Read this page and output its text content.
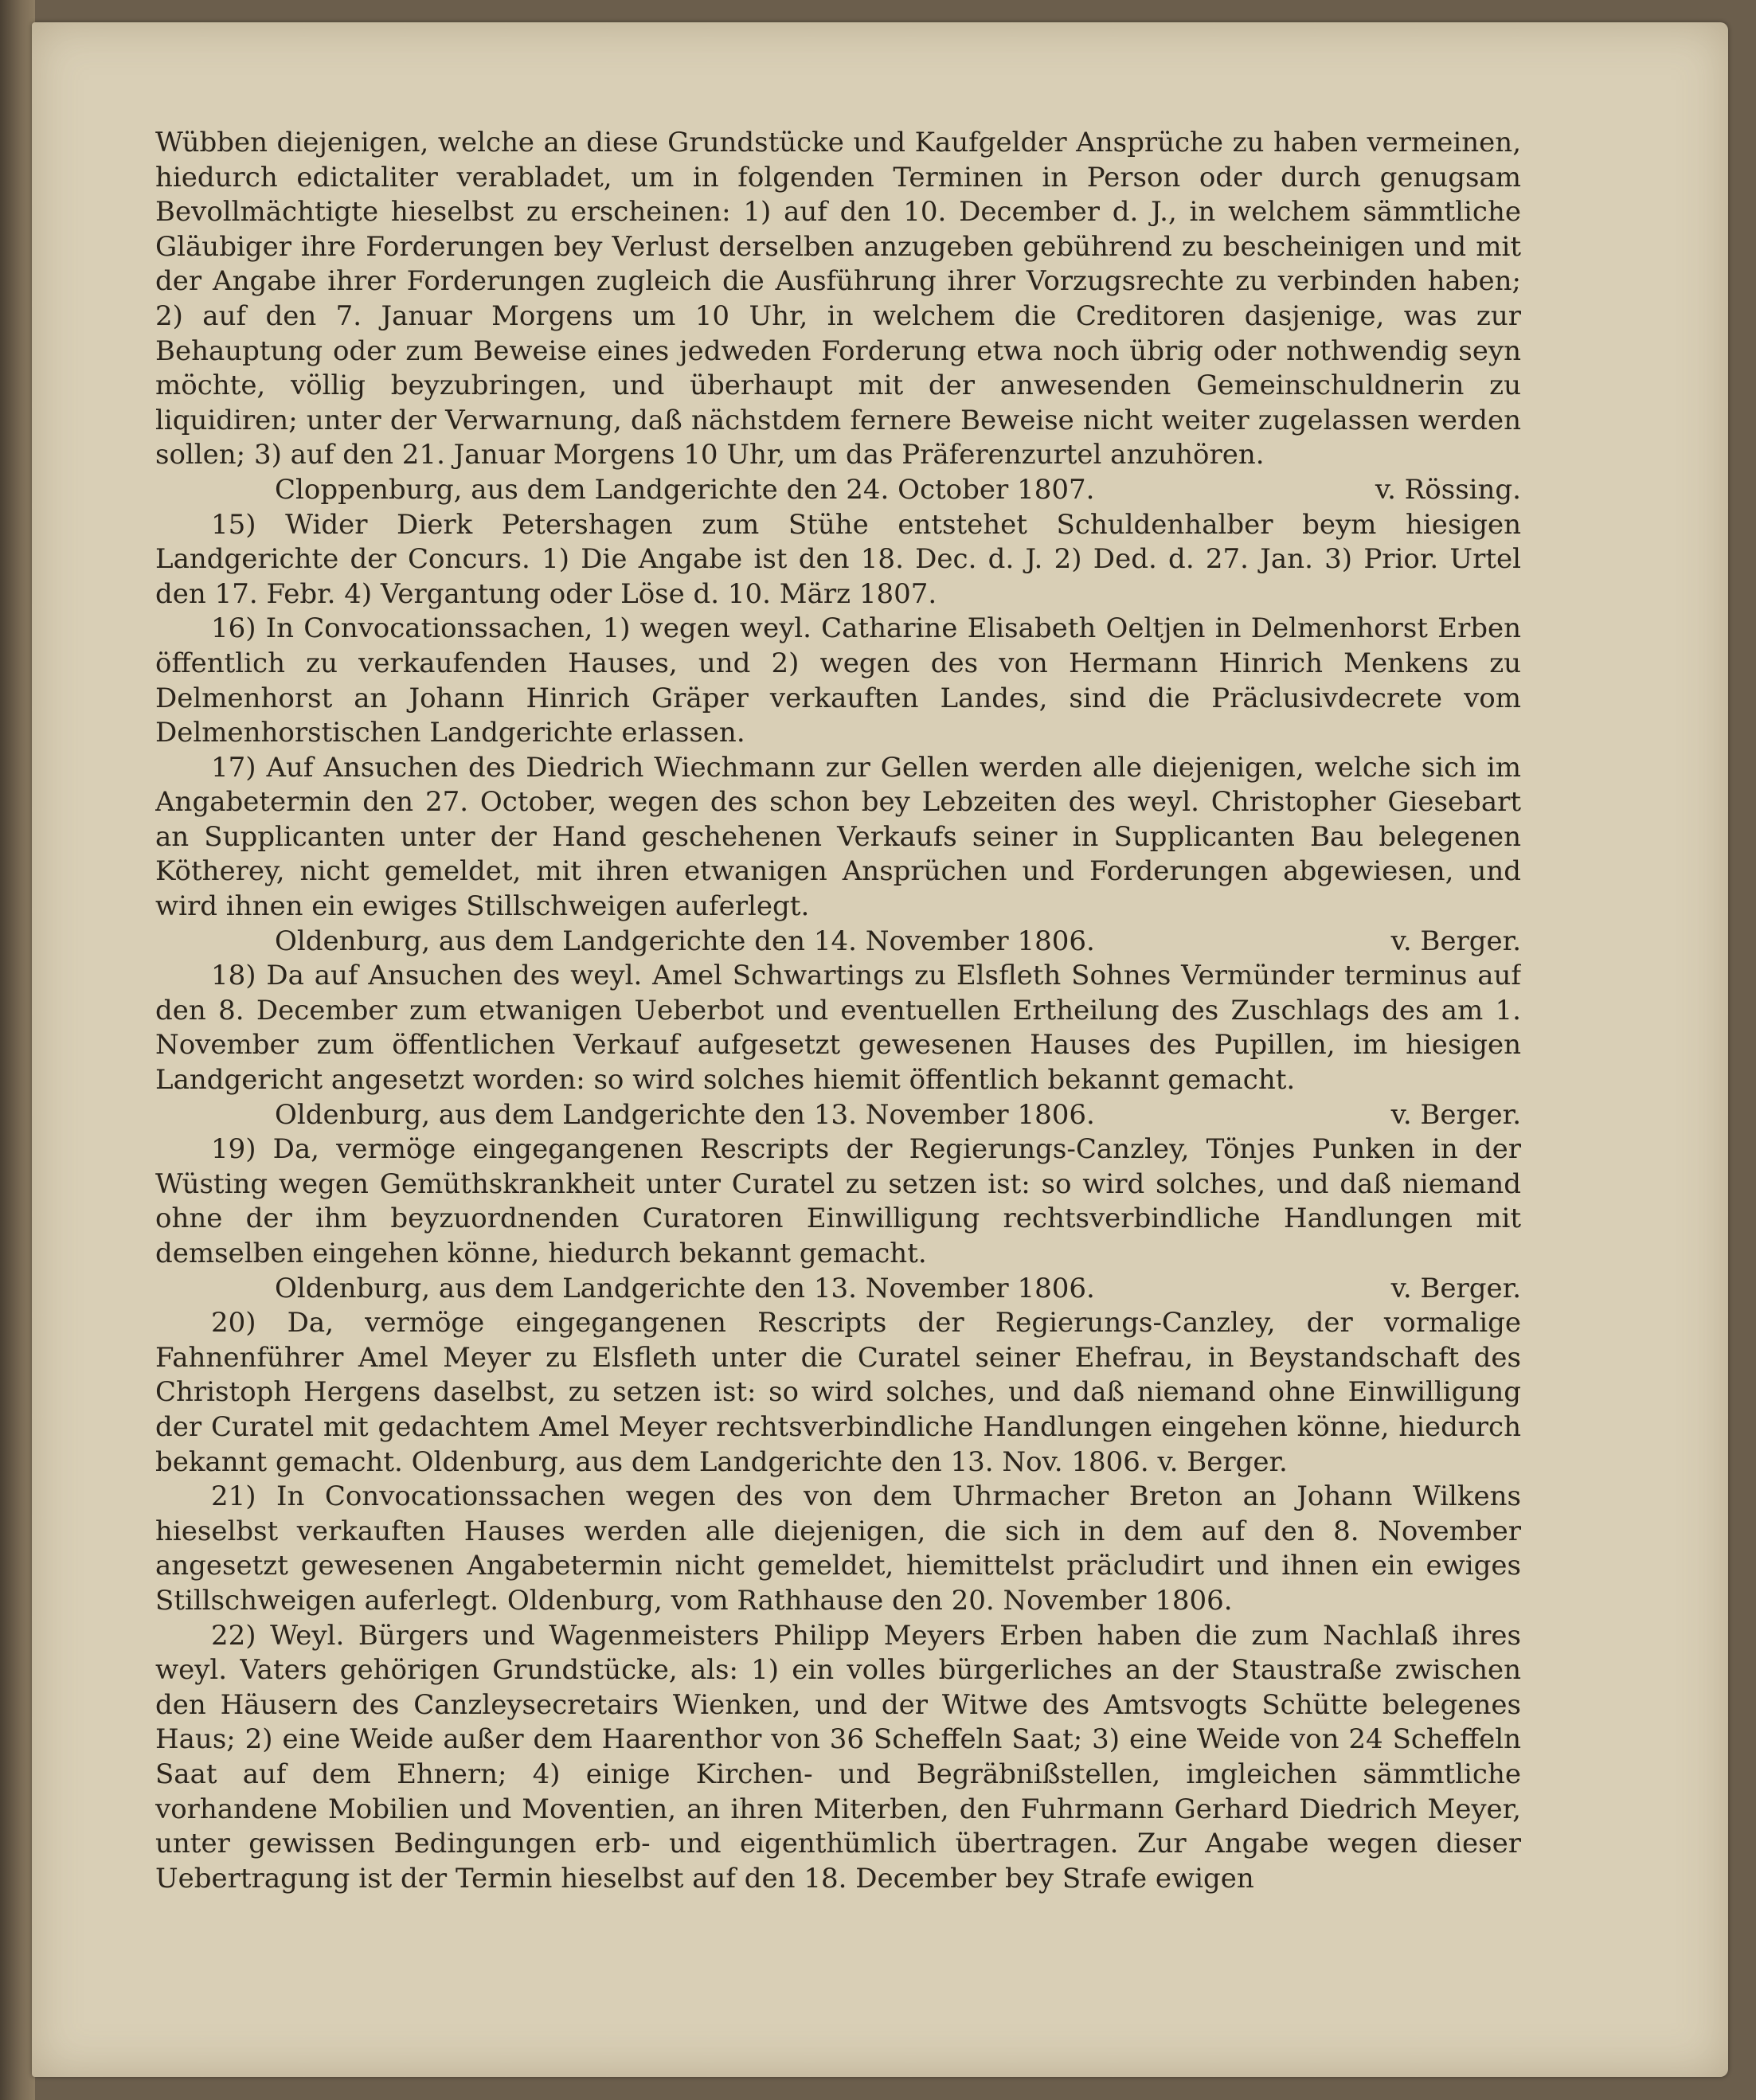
Wübben diejenigen, welche an diese Grundstücke und Kaufgelder Ansprüche zu haben vermeinen, hiedurch edictaliter verabladet, um in folgenden Terminen in Person oder durch genugsam Bevollmächtigte hieselbst zu erscheinen: 1) auf den 10. December d. J., in welchem sämmtliche Gläubiger ihre Forderungen bey Verlust derselben anzugeben gebührend zu bescheinigen und mit der Angabe ihrer Forderungen zugleich die Ausführung ihrer Vorzugsrechte zu verbinden haben; 2) auf den 7. Januar Morgens um 10 Uhr, in welchem die Creditoren dasjenige, was zur Behauptung oder zum Beweise eines jedweden Forderung etwa noch übrig oder nothwendig seyn möchte, völlig beyzubringen, und überhaupt mit der anwesenden Gemeinschuldnerin zu liquidiren; unter der Verwarnung, daß nächstdem fernere Beweise nicht weiter zugelassen werden sollen; 3) auf den 21. Januar Morgens 10 Uhr, um das Präferenzurtel anzuhören.

Cloppenburg, aus dem Landgerichte den 24. October 1807.	v. Rössing.

15) Wider Dierk Petershagen zum Stühe entstehet Schuldenhalber beym hiesigen Landgerichte der Concurs. 1) Die Angabe ist den 18. Dec. d. J. 2) Ded. d. 27. Jan. 3) Prior. Urtel den 17. Febr. 4) Vergantung oder Löse d. 10. März 1807.

16) In Convocationssachen, 1) wegen weyl. Catharine Elisabeth Oeltjen in Delmenhorst Erben öffentlich zu verkaufenden Hauses, und 2) wegen des von Hermann Hinrich Menkens zu Delmenhorst an Johann Hinrich Gräper verkauften Landes, sind die Präclusivdecrete vom Delmenhorstischen Landgerichte erlassen.

17) Auf Ansuchen des Diedrich Wiechmann zur Gellen werden alle diejenigen, welche sich im Angabetermin den 27. October, wegen des schon bey Lebzeiten des weyl. Christopher Giesebart an Supplicanten unter der Hand geschehenen Verkaufs seiner in Supplicanten Bau belegenen Kötherey, nicht gemeldet, mit ihren etwanigen Ansprüchen und Forderungen abgewiesen, und wird ihnen ein ewiges Stillschweigen auferlegt.

Oldenburg, aus dem Landgerichte den 14. November 1806.	v. Berger.

18) Da auf Ansuchen des weyl. Amel Schwartings zu Elsfleth Sohnes Vermünder terminus auf den 8. December zum etwanigen Ueberbot und eventuellen Ertheilung des Zuschlags des am 1. November zum öffentlichen Verkauf aufgesetzt gewesenen Hauses des Pupillen, im hiesigen Landgericht angesetzt worden: so wird solches hiemit öffentlich bekannt gemacht.

Oldenburg, aus dem Landgerichte den 13. November 1806.	v. Berger.

19) Da, vermöge eingegangenen Rescripts der Regierungs-Canzley, Tönjes Punken in der Wüsting wegen Gemüthskrankheit unter Curatel zu setzen ist: so wird solches, und daß niemand ohne der ihm beyzuordnenden Curatoren Einwilligung rechtsverbindliche Handlungen mit demselben eingehen könne, hiedurch bekannt gemacht.

Oldenburg, aus dem Landgerichte den 13. November 1806.	v. Berger.

20) Da, vermöge eingegangenen Rescripts der Regierungs-Canzley, der vormalige Fahnenführer Amel Meyer zu Elsfleth unter die Curatel seiner Ehefrau, in Beystandschaft des Christoph Hergens daselbst, zu setzen ist: so wird solches, und daß niemand ohne Einwilligung der Curatel mit gedachtem Amel Meyer rechtsverbindliche Handlungen eingehen könne, hiedurch bekannt gemacht. Oldenburg, aus dem Landgerichte den 13. Nov. 1806. v. Berger.

21) In Convocationssachen wegen des von dem Uhrmacher Breton an Johann Wilkens hieselbst verkauften Hauses werden alle diejenigen, die sich in dem auf den 8. November angesetzt gewesenen Angabetermin nicht gemeldet, hiemittelst präcludirt und ihnen ein ewiges Stillschweigen auferlegt. Oldenburg, vom Rathhause den 20. November 1806.

22) Weyl. Bürgers und Wagenmeisters Philipp Meyers Erben haben die zum Nachlaß ihres weyl. Vaters gehörigen Grundstücke, als: 1) ein volles bürgerliches an der Staustraße zwischen den Häusern des Canzleysecretairs Wienken, und der Witwe des Amtsvogts Schütte belegenes Haus; 2) eine Weide außer dem Haarenthor von 36 Scheffeln Saat; 3) eine Weide von 24 Scheffeln Saat auf dem Ehnern; 4) einige Kirchen- und Begräbnißstellen, imgleichen sämmtliche vorhandene Mobilien und Moventien, an ihren Miterben, den Fuhrmann Gerhard Diedrich Meyer, unter gewissen Bedingungen erb- und eigenthümlich übertragen. Zur Angabe wegen dieser Uebertragung ist der Termin hieselbst auf den 18. December bey Strafe ewigen
